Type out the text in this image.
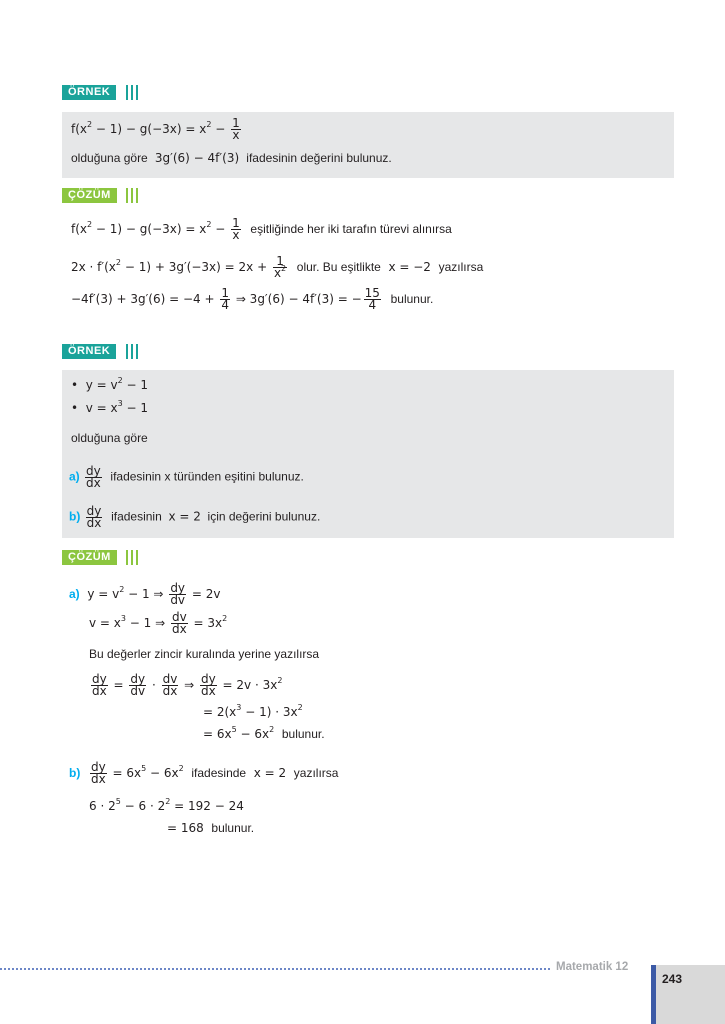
ÖRNEK
$f(x^2 - 1) - g(-3x) = x^2 - \frac{1}{x}$
olduğuna göre  3g′(6) − 4f′(3)  ifadesinin değerini bulunuz.
ÇÖZÜM
$f(x^2 - 1) - g(-3x) = x^2 - \frac{1}{x}$ eşitliğinde her iki tarafın türevi alınırsa
$2x \cdot f'(x^2 - 1) + 3g'(-3x) = 2x + \frac{1}{x^2}$ olur. Bu eşitlikte x = −2 yazılırsa
$-4f'(3) + 3g'(6) = -4 + \frac{1}{4}$ ⇒ 3g′(6) − 4f′(3) = − $\frac{15}{4}$ bulunur.
ÖRNEK
•  $y = v^2 - 1$
•  $v = x^3 - 1$
olduğuna göre
$a) \frac{dy}{dx}$ ifadesinin x türünden eşitini bulunuz.
$b) \frac{dy}{dx}$ ifadesinin x = 2 için değerini bulunuz.
ÇÖZÜM
a)  $y = v^2 - 1$ ⇒ $\frac{dy}{dv} = 2v$
$v = x^3 - 1$ ⇒ $\frac{dv}{dx} = 3x^2$
Bu değerler zincir kuralında yerine yazılırsa
$\frac{dy}{dx} = \frac{dy}{dv} \cdot \frac{dv}{dx}$ ⇒ $\frac{dy}{dx} = 2v \cdot 3x^2$
= $2(x^3 - 1) \cdot 3x^2$
= $6x^5 - 6x^2$ bulunur.
$b) \frac{dy}{dx} = 6x^5 - 6x^2$ ifadesinde x = 2 yazılırsa
$6 \cdot 2^5 - 6 \cdot 2^2 = 192 - 24$
= 168 bulunur.
Matematik 12
243
